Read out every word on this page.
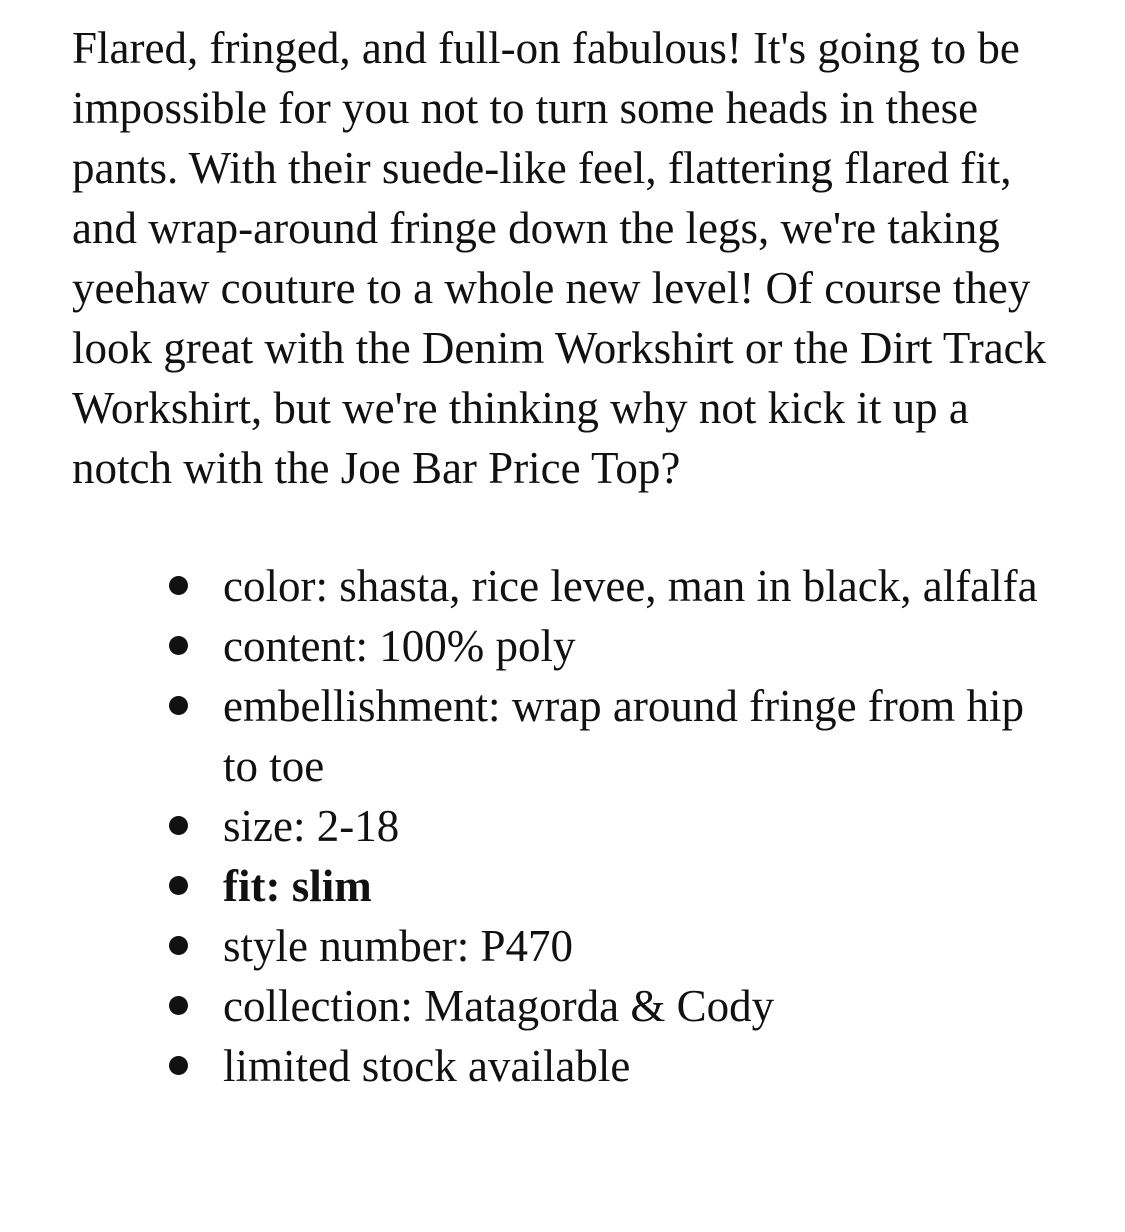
Flared, fringed, and full-on fabulous! It's going to be impossible for you not to turn some heads in these pants. With their suede-like feel, flattering flared fit, and wrap-around fringe down the legs, we're taking yeehaw couture to a whole new level! Of course they look great with the Denim Workshirt or the Dirt Track Workshirt, but we're thinking why not kick it up a notch with the Joe Bar Price Top?

color: shasta, rice levee, man in black, alfalfa
content: 100% poly
embellishment: wrap around fringe from hip to toe
size: 2-18
fit: slim
style number: P470
collection: Matagorda & Cody
limited stock available
